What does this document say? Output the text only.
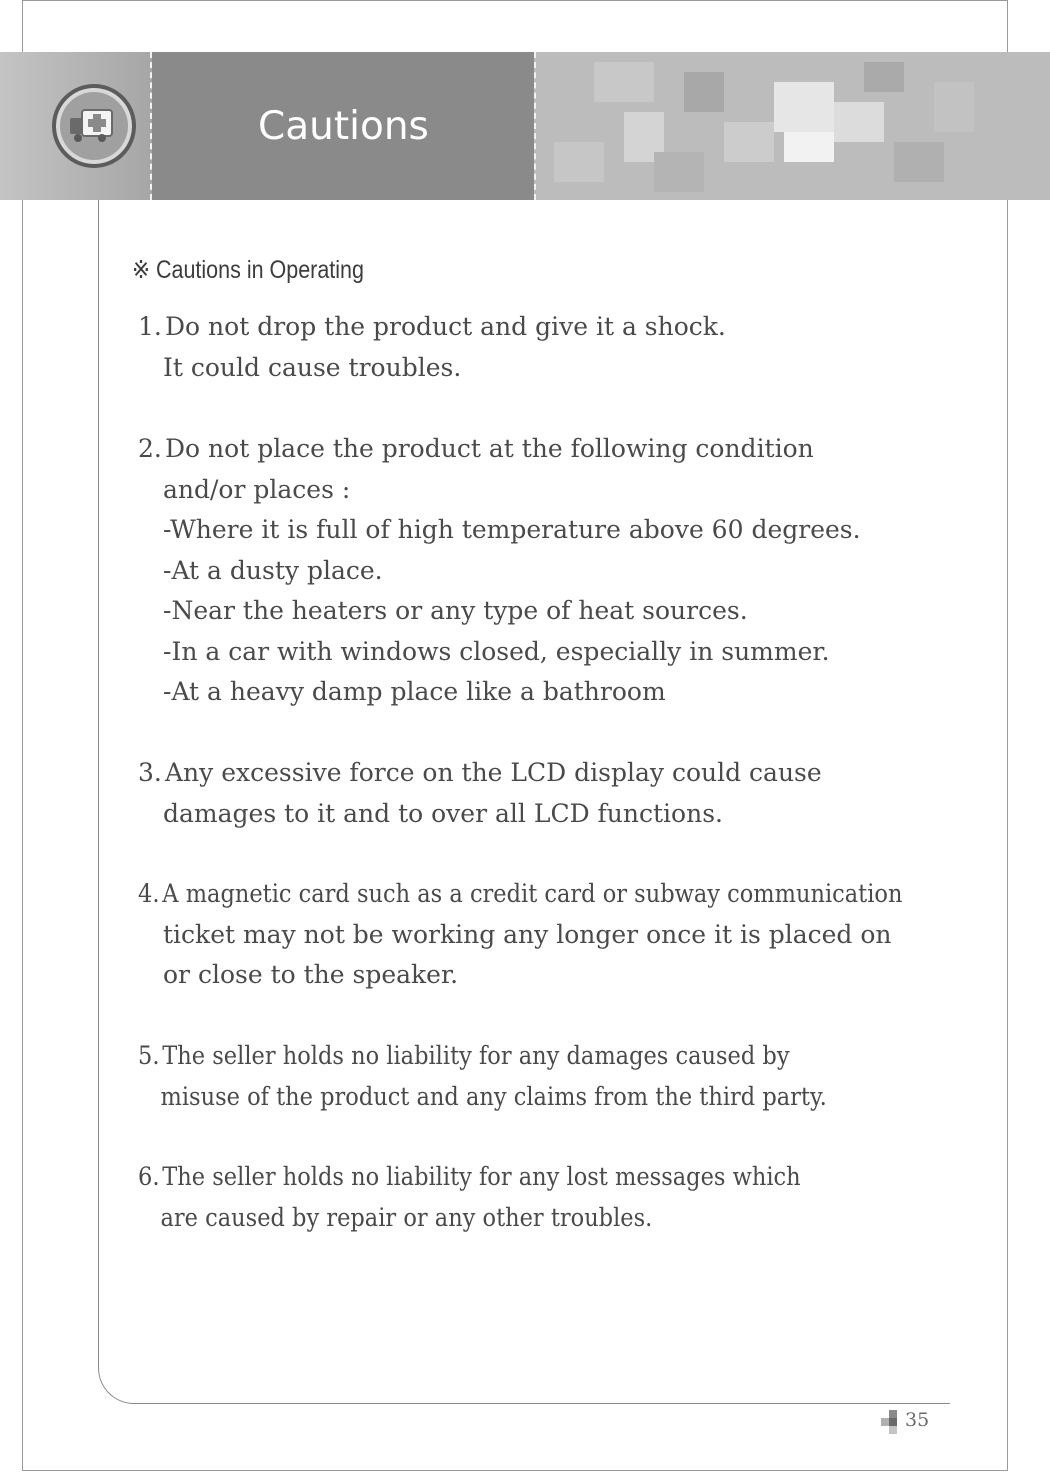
Cautions
※ Cautions in Operating
1. Do not drop the product and give it a shock.
It could cause troubles.
2. Do not place the product at the following condition
and/or places :
-Where it is full of high temperature above 60 degrees.
-At a dusty place.
-Near the heaters or any type of heat sources.
-In a car with windows closed, especially in summer.
-At a heavy damp place like a bathroom
3. Any excessive force on the LCD display could cause
damages to it and to over all LCD functions.
4. A magnetic card such as a credit card or subway communication
ticket may not be working any longer once it is placed on
or close to the speaker.
5. The seller holds no liability for any damages caused by
misuse of the product and any claims from the third party.
6. The seller holds no liability for any lost messages which
are caused by repair or any other troubles.
35
